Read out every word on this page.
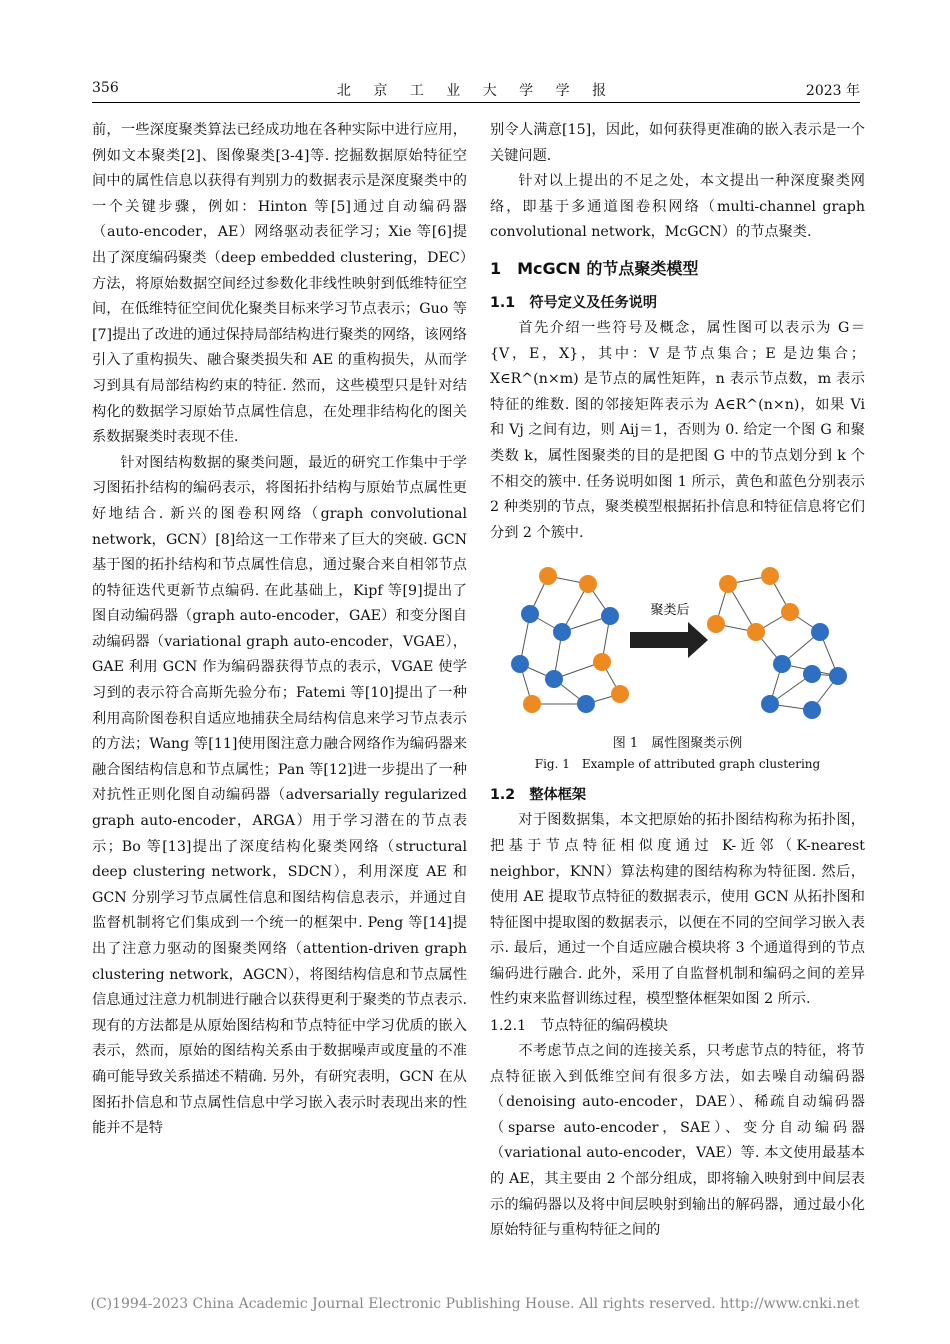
356	北 京 工 业 大 学 学 报	2023 年

前，一些深度聚类算法已经成功地在各种实际中进行应用，例如文本聚类[2]、图像聚类[3-4]等. 挖掘数据原始特征空间中的属性信息以获得有判别力的数据表示是深度聚类中的一个关键步骤，例如：Hinton 等[5]通过自动编码器（auto-encoder，AE）网络驱动表征学习；Xie 等[6]提出了深度编码聚类（deep embedded clustering，DEC）方法，将原始数据空间经过参数化非线性映射到低维特征空间，在低维特征空间优化聚类目标来学习节点表示；Guo 等[7]提出了改进的通过保持局部结构进行聚类的网络，该网络引入了重构损失、融合聚类损失和 AE 的重构损失，从而学习到具有局部结构约束的特征. 然而，这些模型只是针对结构化的数据学习原始节点属性信息，在处理非结构化的图关系数据聚类时表现不佳.

针对图结构数据的聚类问题，最近的研究工作集中于学习图拓扑结构的编码表示，将图拓扑结构与原始节点属性更好地结合. 新兴的图卷积网络（graph convolutional network，GCN）[8]给这一工作带来了巨大的突破. GCN 基于图的拓扑结构和节点属性信息，通过聚合来自相邻节点的特征迭代更新节点编码. 在此基础上，Kipf 等[9]提出了图自动编码器（graph auto-encoder，GAE）和变分图自动编码器（variational graph auto-encoder，VGAE），GAE 利用 GCN 作为编码器获得节点的表示，VGAE 使学习到的表示符合高斯先验分布；Fatemi 等[10]提出了一种利用高阶图卷积自适应地捕获全局结构信息来学习节点表示的方法；Wang 等[11]使用图注意力融合网络作为编码器来融合图结构信息和节点属性；Pan 等[12]进一步提出了一种对抗性正则化图自动编码器（adversarially regularized graph auto-encoder，ARGA）用于学习潜在的节点表示；Bo 等[13]提出了深度结构化聚类网络（structural deep clustering network，SDCN），利用深度 AE 和 GCN 分别学习节点属性信息和图结构信息表示，并通过自监督机制将它们集成到一个统一的框架中. Peng 等[14]提出了注意力驱动的图聚类网络（attention-driven graph clustering network，AGCN），将图结构信息和节点属性信息通过注意力机制进行融合以获得更利于聚类的节点表示. 现有的方法都是从原始图结构和节点特征中学习优质的嵌入表示，然而，原始的图结构关系由于数据噪声或度量的不准确可能导致关系描述不精确. 另外，有研究表明，GCN 在从图拓扑信息和节点属性信息中学习嵌入表示时表现出来的性能并不是特

别令人满意[15]，因此，如何获得更准确的嵌入表示是一个关键问题.

针对以上提出的不足之处，本文提出一种深度聚类网络，即基于多通道图卷积网络（multi-channel graph convolutional network，McGCN）的节点聚类.

1　McGCN 的节点聚类模型
1.1　符号定义及任务说明

首先介绍一些符号及概念，属性图可以表示为 G＝{V，E，X}，其中：V 是节点集合；E 是边集合；X∈R^(n×m) 是节点的属性矩阵，n 表示节点数，m 表示特征的维数. 图的邻接矩阵表示为 A∈R^(n×n)，如果 Vi 和 Vj 之间有边，则 Aij＝1，否则为 0. 给定一个图 G 和聚类数 k，属性图聚类的目的是把图 G 中的节点划分到 k 个不相交的簇中. 任务说明如图 1 所示，黄色和蓝色分别表示 2 种类别的节点，聚类模型根据拓扑信息和特征信息将它们分到 2 个簇中.

聚类后
图 1　属性图聚类示例
Fig. 1　Example of attributed graph clustering
1.2　整体框架

对于图数据集，本文把原始的拓扑图结构称为拓扑图，把基于节点特征相似度通过 K-近邻（K-nearest neighbor，KNN）算法构建的图结构称为特征图. 然后，使用 AE 提取节点特征的数据表示，使用 GCN 从拓扑图和特征图中提取图的数据表示，以便在不同的空间学习嵌入表示. 最后，通过一个自适应融合模块将 3 个通道得到的节点编码进行融合. 此外，采用了自监督机制和编码之间的差异性约束来监督训练过程，模型整体框架如图 2 所示.

1.2.1　节点特征的编码模块

不考虑节点之间的连接关系，只考虑节点的特征，将节点特征嵌入到低维空间有很多方法，如去噪自动编码器（denoising auto-encoder，DAE）、稀疏自动编码器（sparse auto-encoder，SAE）、变分自动编码器（variational auto-encoder，VAE）等. 本文使用最基本的 AE，其主要由 2 个部分组成，即将输入映射到中间层表示的编码器以及将中间层映射到输出的解码器，通过最小化原始特征与重构特征之间的

(C)1994-2023 China Academic Journal Electronic Publishing House. All rights reserved. http://www.cnki.net
